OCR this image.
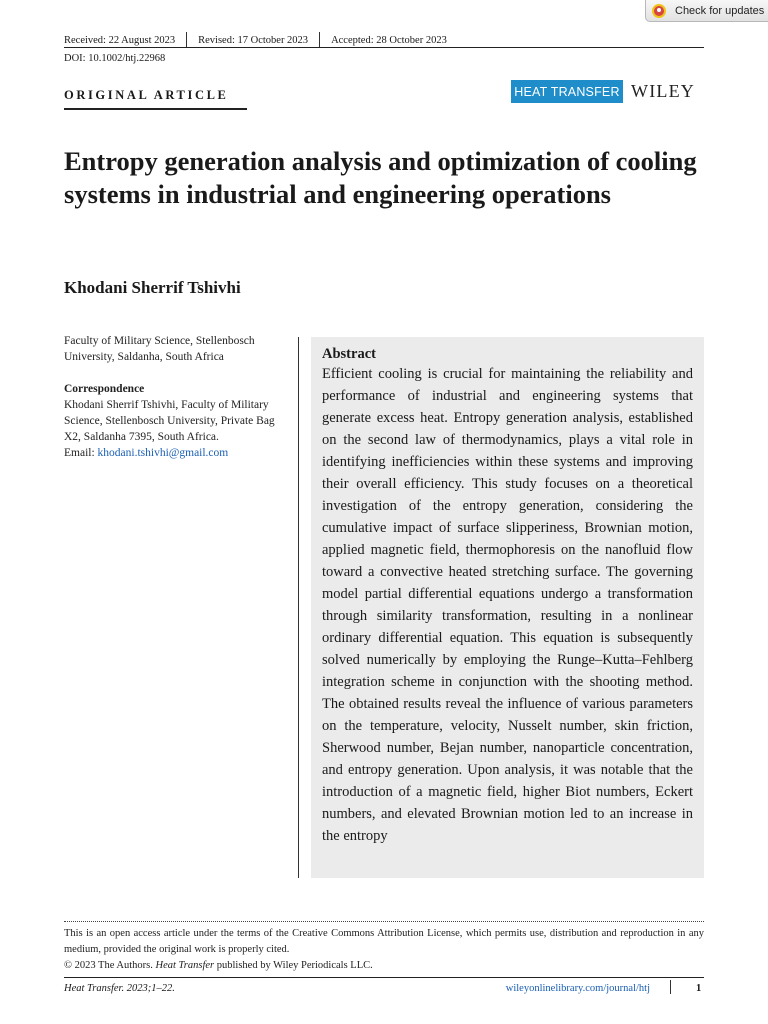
Check for updates
Received: 22 August 2023 Revised: 17 October 2023 Accepted: 28 October 2023
DOI: 10.1002/htj.22968
ORIGINAL ARTICLE	HEAT TRANSFER WILEY
Entropy generation analysis and optimization of cooling systems in industrial and engineering operations
Khodani Sherrif Tshivhi

Faculty of Military Science, Stellenbosch University, Saldanha, South Africa

Correspondence

Khodani Sherrif Tshivhi, Faculty of Military Science, Stellenbosch University, Private Bag X2, Saldanha 7395, South Africa.

Email: khodani.tshivhi@gmail.com

Abstract

Efficient cooling is crucial for maintaining the reliability and performance of industrial and engineering systems that generate excess heat. Entropy generation analysis, established on the second law of thermodynamics, plays a vital role in identifying inefficiencies within these systems and improving their overall efficiency. This study focuses on a theoretical investigation of the entropy generation, considering the cumulative impact of surface slipperiness, Brownian motion, applied magnetic field, thermophoresis on the nanofluid flow toward a convective heated stretching surface. The governing model partial differential equations undergo a transformation through similarity transformation, resulting in a nonlinear ordinary differential equation. This equation is subsequently solved numerically by employing the Runge–Kutta–Fehlberg integration scheme in conjunction with the shooting method. The obtained results reveal the influence of various parameters on the temperature, velocity, Nusselt number, skin friction, Sherwood number, Bejan number, nanoparticle concentration, and entropy generation. Upon analysis, it was notable that the introduction of a magnetic field, higher Biot numbers, Eckert numbers, and elevated Brownian motion led to an increase in the entropy

This is an open access article under the terms of the Creative Commons Attribution License, which permits use, distribution and reproduction in any medium, provided the original work is properly cited.

© 2023 The Authors. Heat Transfer published by Wiley Periodicals LLC.

Heat Transfer. 2023;1–22.	wileyonlinelibrary.com/journal/htj	1
